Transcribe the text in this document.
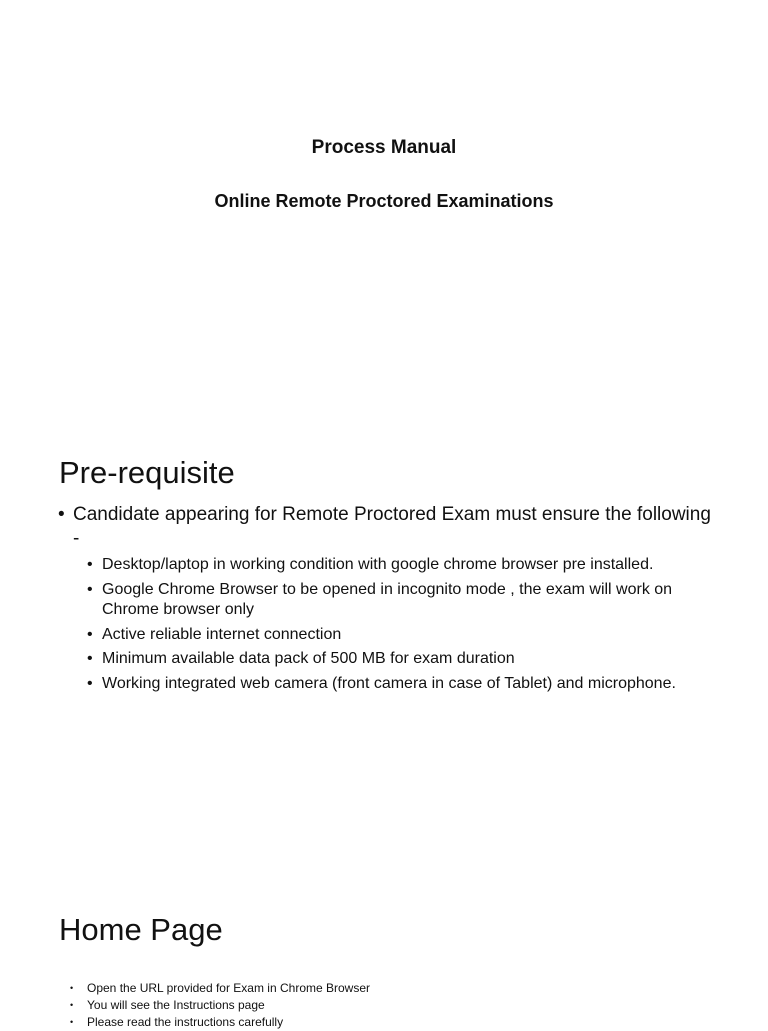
Process Manual
Online Remote Proctored Examinations
Pre-requisite
• Candidate appearing for Remote Proctored Exam must ensure the following -
• Desktop/laptop in working condition with google chrome browser pre installed.
• Google Chrome Browser to be opened in incognito mode , the exam will work on Chrome browser only
• Active reliable internet connection
• Minimum available data pack of 500 MB for exam duration
• Working integrated web camera (front camera in case of Tablet) and microphone.
Home Page
• Open the URL provided for Exam in Chrome Browser
• You will see the Instructions page
• Please read the instructions carefully
